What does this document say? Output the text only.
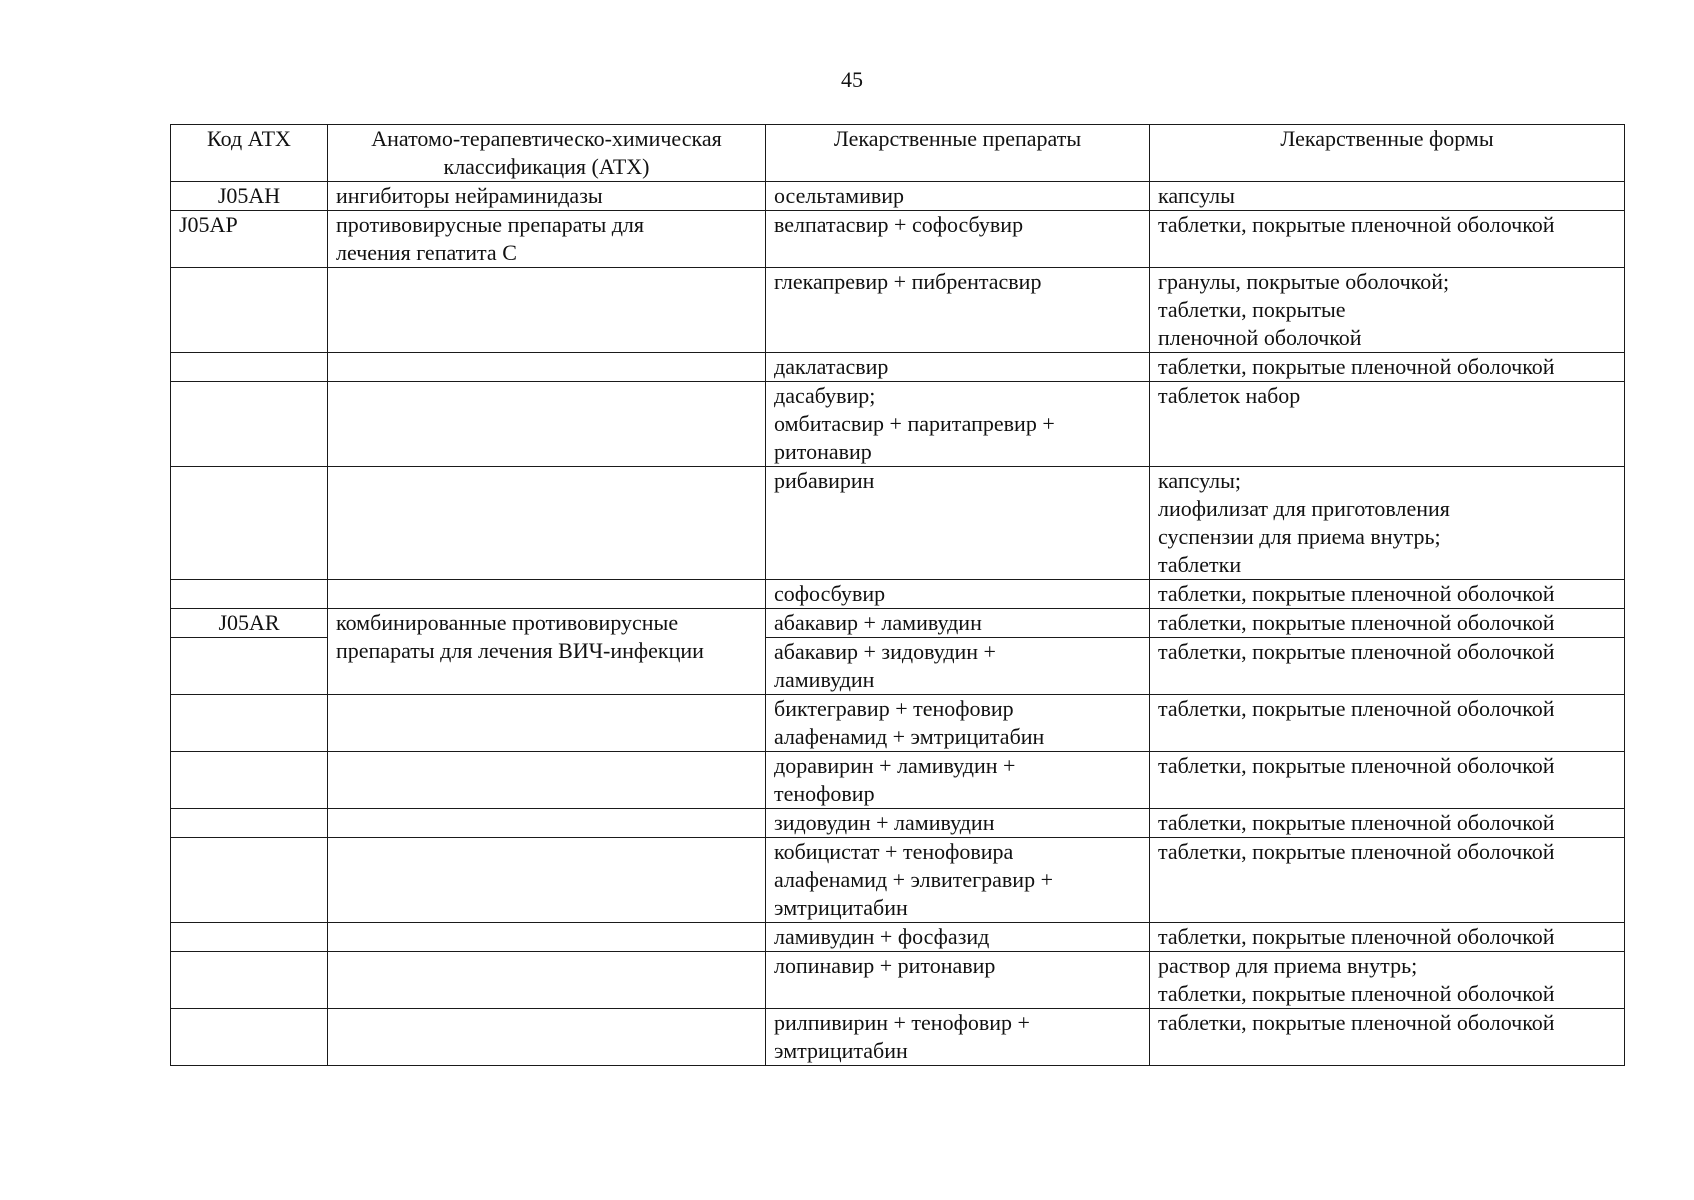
45
Код АТХ	Анатомо-терапевтическо-химическая классификация (АТХ)	Лекарственные препараты	Лекарственные формы
J05AH	ингибиторы нейраминидазы	осельтамивир	капсулы
J05AP	противовирусные препараты для
лечения гепатита С	велпатасвир + софосбувир	таблетки, покрытые пленочной оболочкой
		глекапревир + пибрентасвир	гранулы, покрытые оболочкой;
таблетки, покрытые
пленочной оболочкой
		даклатасвир	таблетки, покрытые пленочной оболочкой
		дасабувир;
омбитасвир + паритапревир +
ритонавир	таблеток набор
		рибавирин	капсулы;
лиофилизат для приготовления
суспензии для приема внутрь;
таблетки
		софосбувир	таблетки, покрытые пленочной оболочкой
J05AR	комбинированные противовирусные
препараты для лечения ВИЧ-инфекции	абакавир + ламивудин	таблетки, покрытые пленочной оболочкой
		абакавир + зидовудин +
ламивудин	таблетки, покрытые пленочной оболочкой
		биктегравир + тенофовир
алафенамид + эмтрицитабин	таблетки, покрытые пленочной оболочкой
		доравирин + ламивудин +
тенофовир	таблетки, покрытые пленочной оболочкой
		зидовудин + ламивудин	таблетки, покрытые пленочной оболочкой
		кобицистат + тенофовира
алафенамид + элвитегравир +
эмтрицитабин	таблетки, покрытые пленочной оболочкой
		ламивудин + фосфазид	таблетки, покрытые пленочной оболочкой
		лопинавир + ритонавир	раствор для приема внутрь;
таблетки, покрытые пленочной оболочкой
		рилпивирин + тенофовир +
эмтрицитабин	таблетки, покрытые пленочной оболочкой
